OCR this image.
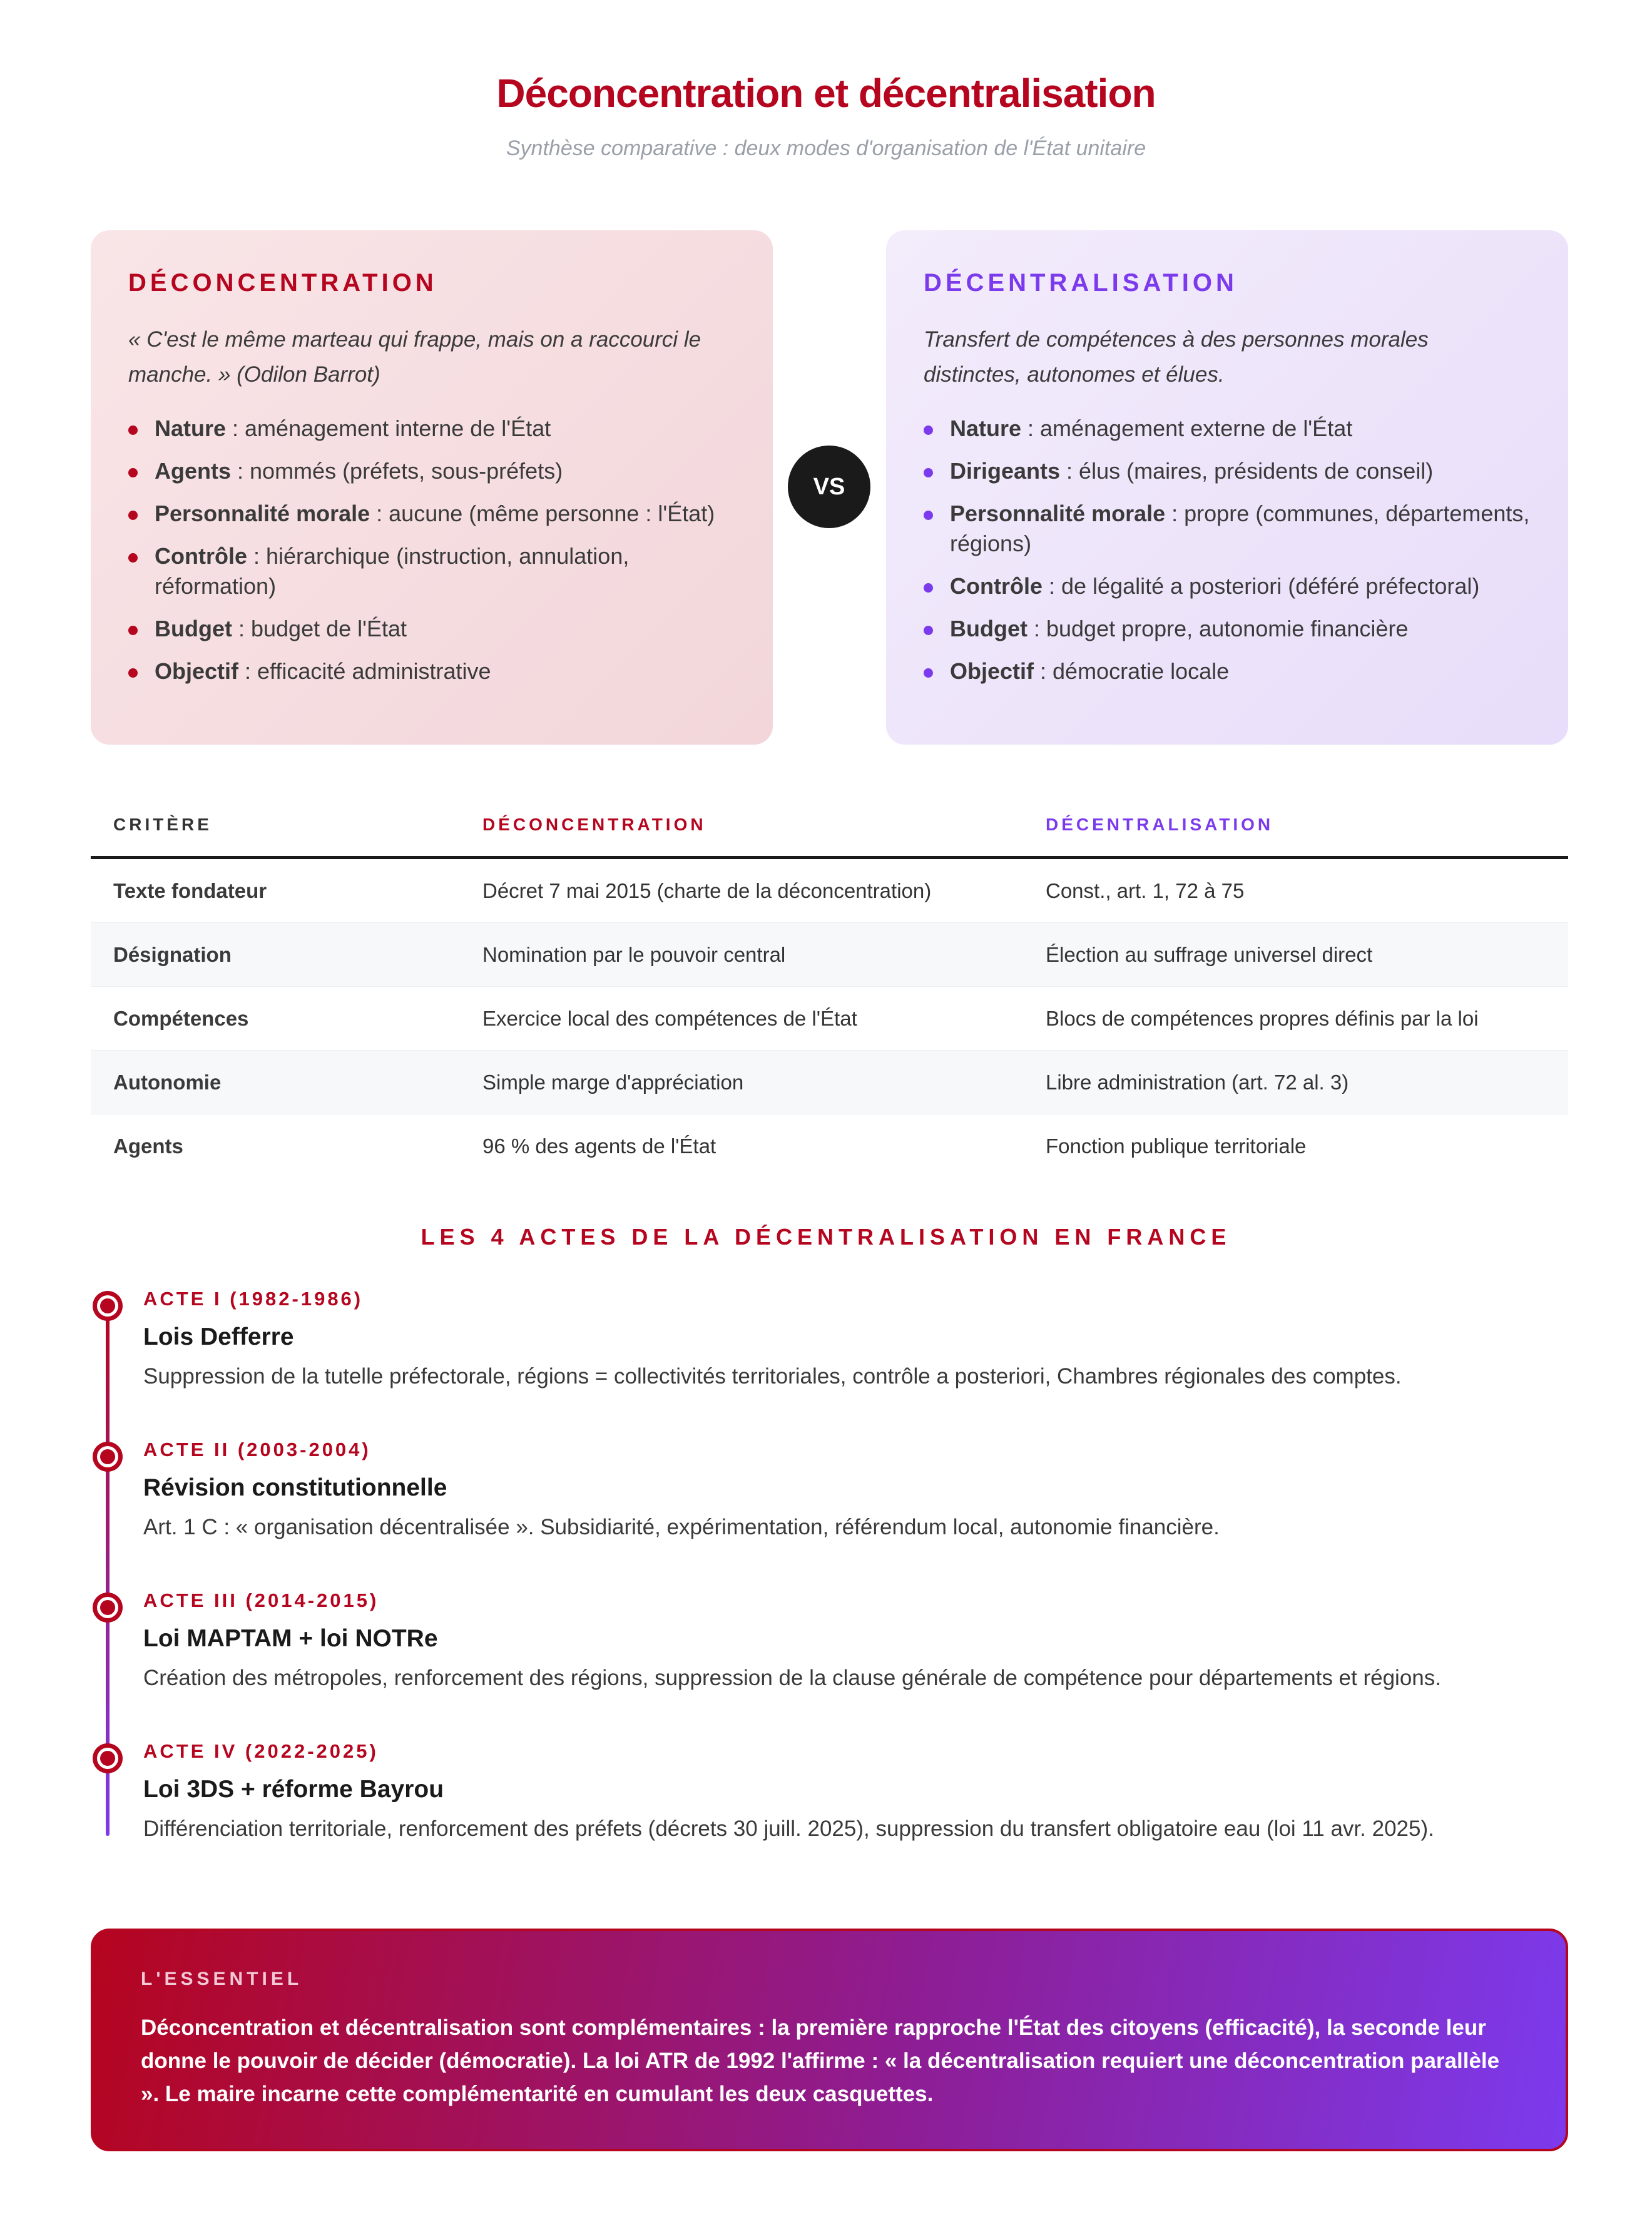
Déconcentration et décentralisation
Synthèse comparative : deux modes d'organisation de l'État unitaire
DÉCONCENTRATION
« C'est le même marteau qui frappe, mais on a raccourci le manche. » (Odilon Barrot)
Nature : aménagement interne de l'État
Agents : nommés (préfets, sous-préfets)
Personnalité morale : aucune (même personne : l'État)
Contrôle : hiérarchique (instruction, annulation, réformation)
Budget : budget de l'État
Objectif : efficacité administrative
VS
DÉCENTRALISATION
Transfert de compétences à des personnes morales distinctes, autonomes et élues.
Nature : aménagement externe de l'État
Dirigeants : élus (maires, présidents de conseil)
Personnalité morale : propre (communes, départements, régions)
Contrôle : de légalité a posteriori (déféré préfectoral)
Budget : budget propre, autonomie financière
Objectif : démocratie locale
CRITÈRE	DÉCONCENTRATION	DÉCENTRALISATION
Texte fondateur	Décret 7 mai 2015 (charte de la déconcentration)	Const., art. 1, 72 à 75
Désignation	Nomination par le pouvoir central	Élection au suffrage universel direct
Compétences	Exercice local des compétences de l'État	Blocs de compétences propres définis par la loi
Autonomie	Simple marge d'appréciation	Libre administration (art. 72 al. 3)
Agents	96 % des agents de l'État	Fonction publique territoriale
LES 4 ACTES DE LA DÉCENTRALISATION EN FRANCE
ACTE I (1982-1986)
Lois Defferre
Suppression de la tutelle préfectorale, régions = collectivités territoriales, contrôle a posteriori, Chambres régionales des comptes.
ACTE II (2003-2004)
Révision constitutionnelle
Art. 1 C : « organisation décentralisée ». Subsidiarité, expérimentation, référendum local, autonomie financière.
ACTE III (2014-2015)
Loi MAPTAM + loi NOTRe
Création des métropoles, renforcement des régions, suppression de la clause générale de compétence pour départements et régions.
ACTE IV (2022-2025)
Loi 3DS + réforme Bayrou
Différenciation territoriale, renforcement des préfets (décrets 30 juill. 2025), suppression du transfert obligatoire eau (loi 11 avr. 2025).
L'ESSENTIEL
Déconcentration et décentralisation sont complémentaires : la première rapproche l'État des citoyens (efficacité), la seconde leur donne le pouvoir de décider (démocratie). La loi ATR de 1992 l'affirme : « la décentralisation requiert une déconcentration parallèle ». Le maire incarne cette complémentarité en cumulant les deux casquettes.
